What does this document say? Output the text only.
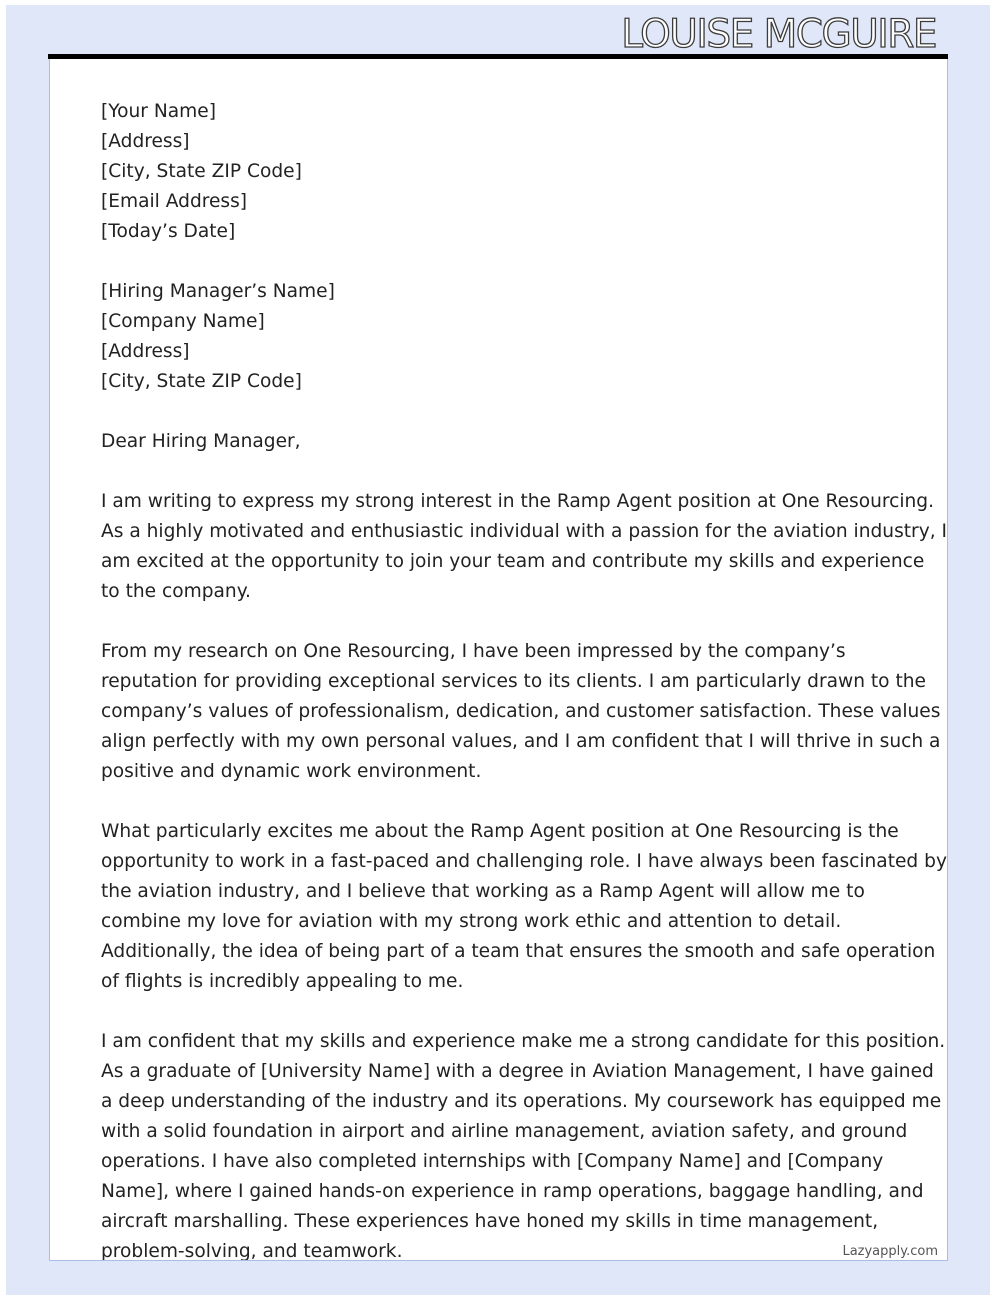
[Your Name]
[Address]
[City, State ZIP Code]
[Email Address]
[Today’s Date]
[Hiring Manager’s Name]
[Company Name]
[Address]
[City, State ZIP Code]
Dear Hiring Manager,
I am writing to express my strong interest in the Ramp Agent position at One Resourcing.
As a highly motivated and enthusiastic individual with a passion for the aviation industry, I
am excited at the opportunity to join your team and contribute my skills and experience
to the company.
From my research on One Resourcing, I have been impressed by the company’s
reputation for providing exceptional services to its clients. I am particularly drawn to the
company’s values of professionalism, dedication, and customer satisfaction. These values
align perfectly with my own personal values, and I am confident that I will thrive in such a
positive and dynamic work environment.
What particularly excites me about the Ramp Agent position at One Resourcing is the
opportunity to work in a fast-paced and challenging role. I have always been fascinated by
the aviation industry, and I believe that working as a Ramp Agent will allow me to
combine my love for aviation with my strong work ethic and attention to detail.
Additionally, the idea of being part of a team that ensures the smooth and safe operation
of flights is incredibly appealing to me.
I am confident that my skills and experience make me a strong candidate for this position.
As a graduate of [University Name] with a degree in Aviation Management, I have gained
a deep understanding of the industry and its operations. My coursework has equipped me
with a solid foundation in airport and airline management, aviation safety, and ground
operations. I have also completed internships with [Company Name] and [Company
Name], where I gained hands-on experience in ramp operations, baggage handling, and
aircraft marshalling. These experiences have honed my skills in time management,
problem-solving, and teamwork.	Lazyapply.com
LOUISE MCGUIRE
